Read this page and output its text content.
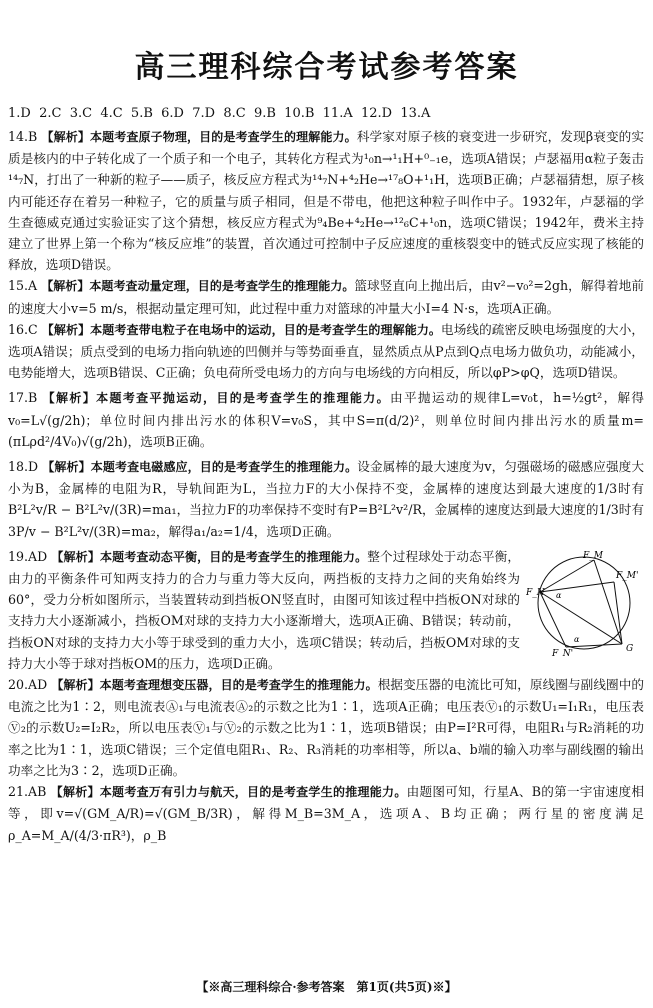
高三理科综合考试参考答案
1.D  2.C  3.C  4.C  5.B  6.D  7.D  8.C  9.B  10.B  11.A  12.D  13.A

14.B 【解析】本题考查原子物理，目的是考查学生的理解能力。科学家对原子核的衰变进一步研究，发现β衰变的实质是核内的中子转化成了一个质子和一个电子，其转化方程式为¹₀n→¹₁H+⁰₋₁e，选项A错误；卢瑟福用α粒子轰击¹⁴₇N，打出了一种新的粒子——质子，核反应方程式为¹⁴₇N+⁴₂He→¹⁷₈O+¹₁H，选项B正确；卢瑟福猜想，原子核内可能还存在着另一种粒子，它的质量与质子相同，但是不带电，他把这种粒子叫作中子。1932年，卢瑟福的学生查德威克通过实验证实了这个猜想，核反应方程式为⁹₄Be+⁴₂He→¹²₆C+¹₀n，选项C错误；1942年，费米主持建立了世界上第一个称为“核反应堆”的装置，首次通过可控制中子反应速度的重核裂变中的链式反应实现了核能的释放，选项D错误。

15.A 【解析】本题考查动量定理，目的是考查学生的推理能力。篮球竖直向上抛出后，由v²−v₀²=2gh，解得着地前的速度大小v=5 m/s，根据动量定理可知，此过程中重力对篮球的冲量大小I=4 N·s，选项A正确。

16.C 【解析】本题考查带电粒子在电场中的运动，目的是考查学生的理解能力。电场线的疏密反映电场强度的大小，选项A错误；质点受到的电场力指向轨迹的凹侧并与等势面垂直，显然质点从P点到Q点电场力做负功，动能减小，电势能增大，选项B错误、C正确；负电荷所受电场力的方向与电场线的方向相反，所以φP>φQ，选项D错误。

17.B 【解析】本题考查平抛运动，目的是考查学生的推理能力。由平抛运动的规律L=v₀t，h=½gt²，解得v₀=L√(g/2h)；单位时间内排出污水的体积V=v₀S，其中S=π(d/2)²，则单位时间内排出污水的质量m=(πLρd²/4V₀)√(g/2h)，选项B正确。

18.D 【解析】本题考查电磁感应，目的是考查学生的推理能力。设金属棒的最大速度为v，匀强磁场的磁感应强度大小为B，金属棒的电阻为R，导轨间距为L，当拉力F的大小保持不变，金属棒的速度达到最大速度的1/3时有B²L²v/R − B²L²v/(3R)=ma₁，当拉力F的功率保持不变时有P=B²L²v²/R，金属棒的速度达到最大速度的1/3时有3P/v − B²L²v/(3R)=ma₂，解得a₁/a₂=1/4，选项D正确。

F_M
F_M'
F_N
F_N'
α
α
G
19.AD 【解析】本题考查动态平衡，目的是考查学生的推理能力。整个过程球处于动态平衡，由力的平衡条件可知两支持力的合力与重力等大反向，两挡板的支持力之间的夹角始终为60°，受力分析如图所示，当装置转动到挡板ON竖直时，由图可知该过程中挡板ON对球的支持力大小逐渐减小，挡板OM对球的支持力大小逐渐增大，选项A正确、B错误；转动前，挡板ON对球的支持力大小等于球受到的重力大小，选项C错误；转动后，挡板OM对球的支持力大小等于球对挡板OM的压力，选项D正确。

20.AD 【解析】本题考查理想变压器，目的是考查学生的推理能力。根据变压器的电流比可知，原线圈与副线圈中的电流之比为1∶2，则电流表Ⓐ₁与电流表Ⓐ₂的示数之比为1∶1，选项A正确；电压表Ⓥ₁的示数U₁=I₁R₁，电压表Ⓥ₂的示数U₂=I₂R₂，所以电压表Ⓥ₁与Ⓥ₂的示数之比为1∶1，选项B错误；由P=I²R可得，电阻R₁与R₂消耗的功率之比为1∶1，选项C错误；三个定值电阻R₁、R₂、R₃消耗的功率相等，所以a、b端的输入功率与副线圈的输出功率之比为3∶2，选项D正确。

21.AB 【解析】本题考查万有引力与航天，目的是考查学生的推理能力。由题图可知，行星A、B的第一宇宙速度相等，即v=√(GM_A/R)=√(GM_B/3R)，解得M_B=3M_A，选项A、B均正确；两行星的密度满足ρ_A=M_A/(4/3·πR³)，ρ_B

【※高三理科综合·参考答案　第1页(共5页)※】
